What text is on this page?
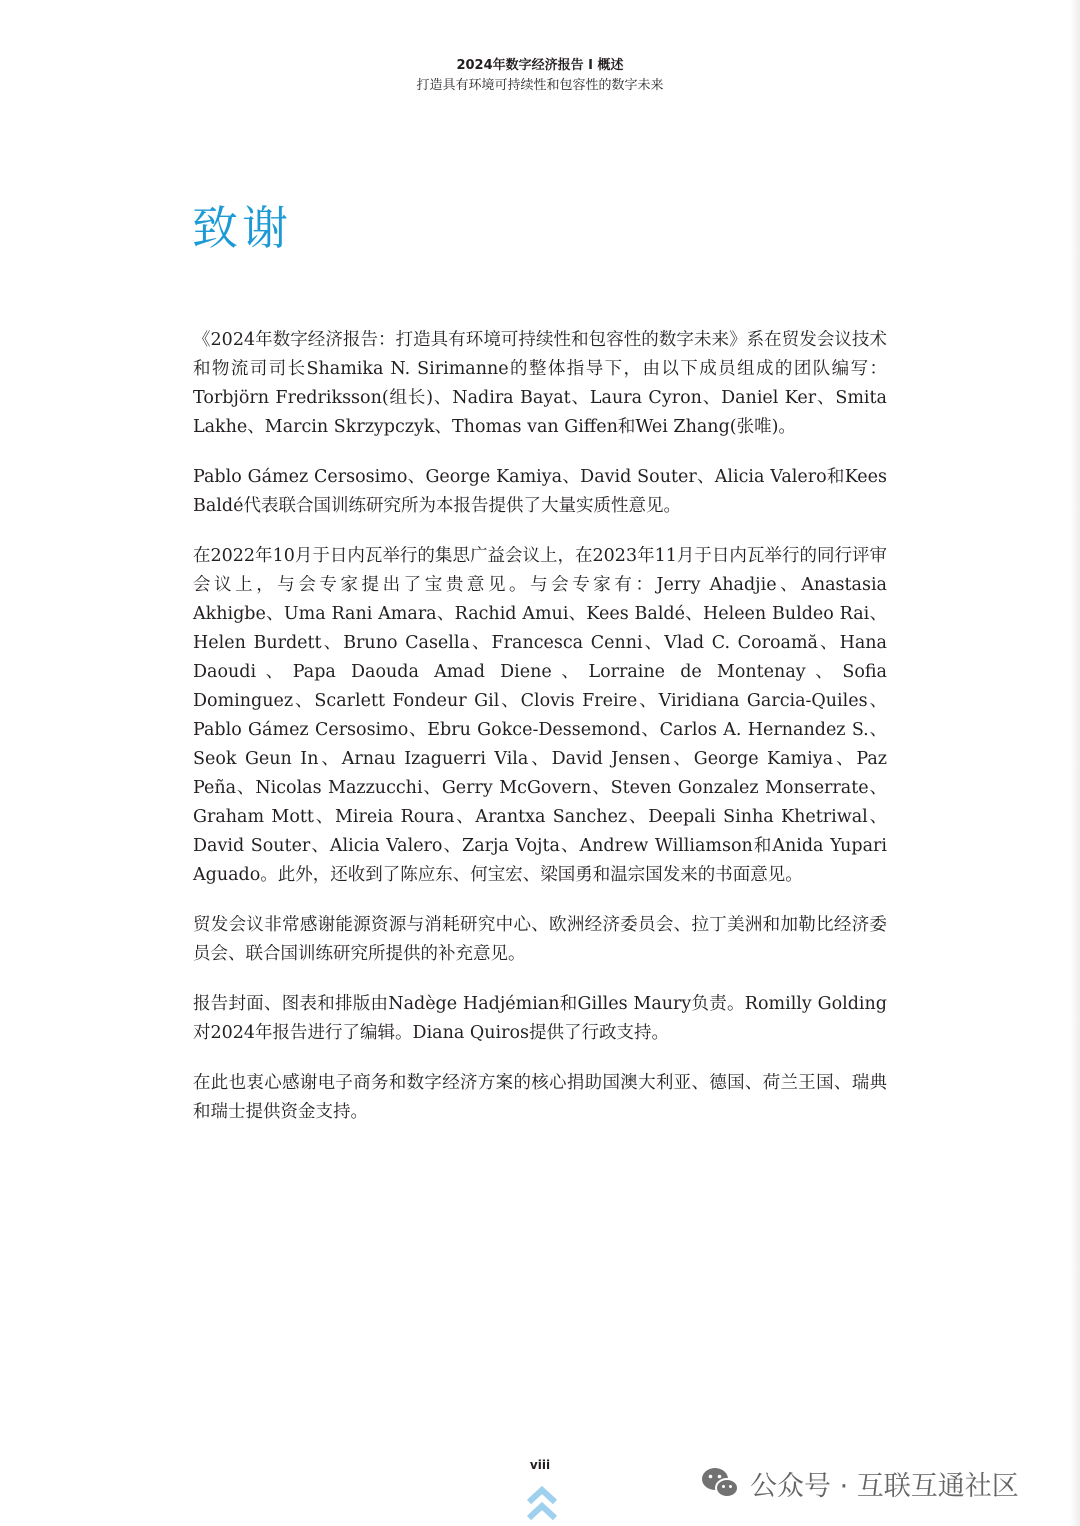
2024年数字经济报告 I 概述
打造具有环境可持续性和包容性的数字未来
致谢

《2024年数字经济报告：打造具有环境可持续性和包容性的数字未来》系在贸发会议技术和物流司司长Shamika N. Sirimanne的整体指导下，由以下成员组成的团队编写：Torbjörn Fredriksson(组长)、Nadira Bayat、Laura Cyron、Daniel Ker、Smita Lakhe、Marcin Skrzypczyk、Thomas van Giffen和Wei Zhang(张唯)。

Pablo Gámez Cersosimo、George Kamiya、David Souter、Alicia Valero和Kees Baldé代表联合国训练研究所为本报告提供了大量实质性意见。

在2022年10月于日内瓦举行的集思广益会议上，在2023年11月于日内瓦举行的同行评审会议上，与会专家提出了宝贵意见。与会专家有：Jerry Ahadjie、Anastasia Akhigbe、Uma Rani Amara、Rachid Amui、Kees Baldé、Heleen Buldeo Rai、Helen Burdett、Bruno Casella、Francesca Cenni、Vlad C. Coroamă、Hana Daoudi、Papa Daouda Amad Diene、Lorraine de Montenay、Sofia Dominguez、Scarlett Fondeur Gil、Clovis Freire、Viridiana Garcia-Quiles、Pablo Gámez Cersosimo、Ebru Gokce-Dessemond、Carlos A. Hernandez S.、Seok Geun In、Arnau Izaguerri Vila、David Jensen、George Kamiya、Paz Peña、Nicolas Mazzucchi、Gerry McGovern、Steven Gonzalez Monserrate、Graham Mott、Mireia Roura、Arantxa Sanchez、Deepali Sinha Khetriwal、David Souter、Alicia Valero、Zarja Vojta、Andrew Williamson和Anida Yupari Aguado。此外，还收到了陈应东、何宝宏、梁国勇和温宗国发来的书面意见。

贸发会议非常感谢能源资源与消耗研究中心、欧洲经济委员会、拉丁美洲和加勒比经济委员会、联合国训练研究所提供的补充意见。

报告封面、图表和排版由Nadège Hadjémian和Gilles Maury负责。Romilly Golding对2024年报告进行了编辑。Diana Quiros提供了行政支持。

在此也衷心感谢电子商务和数字经济方案的核心捐助国澳大利亚、德国、荷兰王国、瑞典和瑞士提供资金支持。

viii
公众号 · 互联互通社区
